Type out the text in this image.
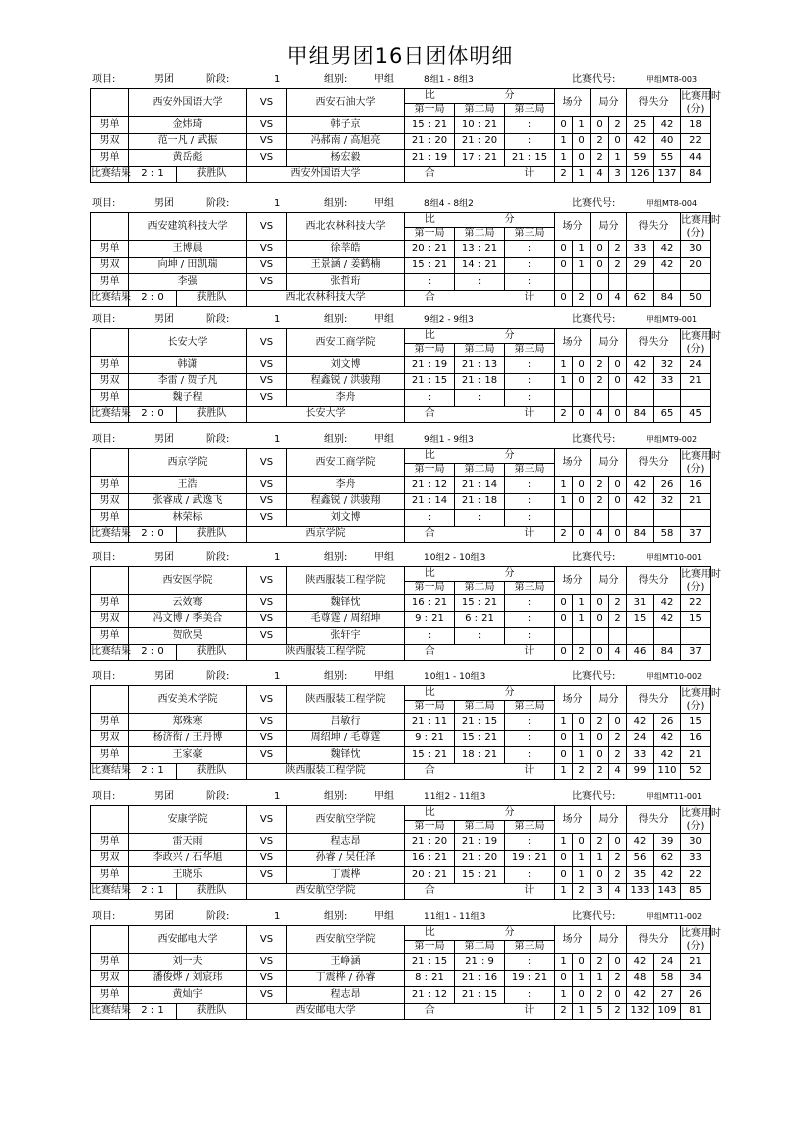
甲组男团16日团体明细
项目:	男团	阶段:	1	组别:	甲组	8组1 - 8组3	比赛代号:	甲组MT8-003
	西安外国语大学		VS	西安石油大学	比		分	场分		局分		得失分		比赛用时
(分)

					第一局	第二局	第三局							
男单	金炜琦		VS	韩子京	15 : 21	10 : 21	:	0	1	0	2	25	42	18
男双	范一凡 / 武振		VS	冯郝南 / 高旭亮	21 : 20	21 : 20	:	1	0	2	0	42	40	22
男单	黄岳彪		VS	杨宏毅	21 : 19	17 : 21	21 : 15	1	0	2	1	59	55	44
比赛结果	2 : 1	获胜队	西安外国语大学		合		计	2	1	4	3	126	137	84
项目:	男团	阶段:	1	组别:	甲组	8组4 - 8组2	比赛代号:	甲组MT8-004
	西安建筑科技大学		VS	西北农林科技大学	比		分	场分		局分		得失分		比赛用时
(分)

					第一局	第二局	第三局							
男单	王博晨		VS	徐莘皓	20 : 21	13 : 21	:	0	1	0	2	33	42	30
男双	向坤 / 田凯瑞		VS	王景涵 / 姜鹤楠	15 : 21	14 : 21	:	0	1	0	2	29	42	20
男单	李强		VS	张哲珩	:	:	:							
比赛结果	2 : 0	获胜队	西北农林科技大学		合		计	0	2	0	4	62	84	50
项目:	男团	阶段:	1	组别:	甲组	9组2 - 9组3	比赛代号:	甲组MT9-001
	长安大学		VS	西安工商学院	比		分	场分		局分		得失分		比赛用时
(分)

					第一局	第二局	第三局							
男单	韩潇		VS	刘文博	21 : 19	21 : 13	:	1	0	2	0	42	32	24
男双	李雷 / 贺子凡		VS	程鑫锐 / 洪骏翔	21 : 15	21 : 18	:	1	0	2	0	42	33	21
男单	魏子程		VS	李舟	:	:	:							
比赛结果	2 : 0	获胜队	长安大学		合		计	2	0	4	0	84	65	45
项目:	男团	阶段:	1	组别:	甲组	9组1 - 9组3	比赛代号:	甲组MT9-002
	西京学院		VS	西安工商学院	比		分	场分		局分		得失分		比赛用时
(分)

					第一局	第二局	第三局							
男单	王浩		VS	李舟	21 : 12	21 : 14	:	1	0	2	0	42	26	16
男双	张睿成 / 武逸飞		VS	程鑫锐 / 洪骏翔	21 : 14	21 : 18	:	1	0	2	0	42	32	21
男单	林荣标		VS	刘文博	:	:	:							
比赛结果	2 : 0	获胜队	西京学院		合		计	2	0	4	0	84	58	37
项目:	男团	阶段:	1	组别:	甲组	10组2 - 10组3	比赛代号:	甲组MT10-001
	西安医学院		VS	陕西服装工程学院	比		分	场分		局分		得失分		比赛用时
(分)

					第一局	第二局	第三局							
男单	云效骞		VS	魏铎忱	16 : 21	15 : 21	:	0	1	0	2	31	42	22
男双	冯文博 / 季美合		VS	毛尊霆 / 周绍坤	9 : 21	6 : 21	:	0	1	0	2	15	42	15
男单	贺欣昊		VS	张轩宇	:	:	:							
比赛结果	2 : 0	获胜队	陕西服装工程学院		合		计	0	2	0	4	46	84	37
项目:	男团	阶段:	1	组别:	甲组	10组1 - 10组3	比赛代号:	甲组MT10-002
	西安美术学院		VS	陕西服装工程学院	比		分	场分		局分		得失分		比赛用时
(分)

					第一局	第二局	第三局							
男单	郑殊寒		VS	吕敏行	21 : 11	21 : 15	:	1	0	2	0	42	26	15
男双	杨济衔 / 王丹博		VS	周绍坤 / 毛尊霆	9 : 21	15 : 21	:	0	1	0	2	24	42	16
男单	王家豪		VS	魏铎忱	15 : 21	18 : 21	:	0	1	0	2	33	42	21
比赛结果	2 : 1	获胜队	陕西服装工程学院		合		计	1	2	2	4	99	110	52
项目:	男团	阶段:	1	组别:	甲组	11组2 - 11组3	比赛代号:	甲组MT11-001
	安康学院		VS	西安航空学院	比		分	场分		局分		得失分		比赛用时
(分)

					第一局	第二局	第三局							
男单	雷天雨		VS	程志昂	21 : 20	21 : 19	:	1	0	2	0	42	39	30
男双	李政兴 / 石华旭		VS	孙睿 / 吴任泽	16 : 21	21 : 20	19 : 21	0	1	1	2	56	62	33
男单	王晓乐		VS	丁震桦	20 : 21	15 : 21	:	0	1	0	2	35	42	22
比赛结果	2 : 1	获胜队	西安航空学院		合		计	1	2	3	4	133	143	85
项目:	男团	阶段:	1	组别:	甲组	11组1 - 11组3	比赛代号:	甲组MT11-002
	西安邮电大学		VS	西安航空学院	比		分	场分		局分		得失分		比赛用时
(分)

					第一局	第二局	第三局							
男单	刘一夫		VS	王峥涵	21 : 15	21 : 9	:	1	0	2	0	42	24	21
男双	潘俊烨 / 刘宸玮		VS	丁震桦 / 孙睿	8 : 21	21 : 16	19 : 21	0	1	1	2	48	58	34
男单	黄灿宇		VS	程志昂	21 : 12	21 : 15	:	1	0	2	0	42	27	26
比赛结果	2 : 1	获胜队	西安邮电大学		合		计	2	1	5	2	132	109	81
